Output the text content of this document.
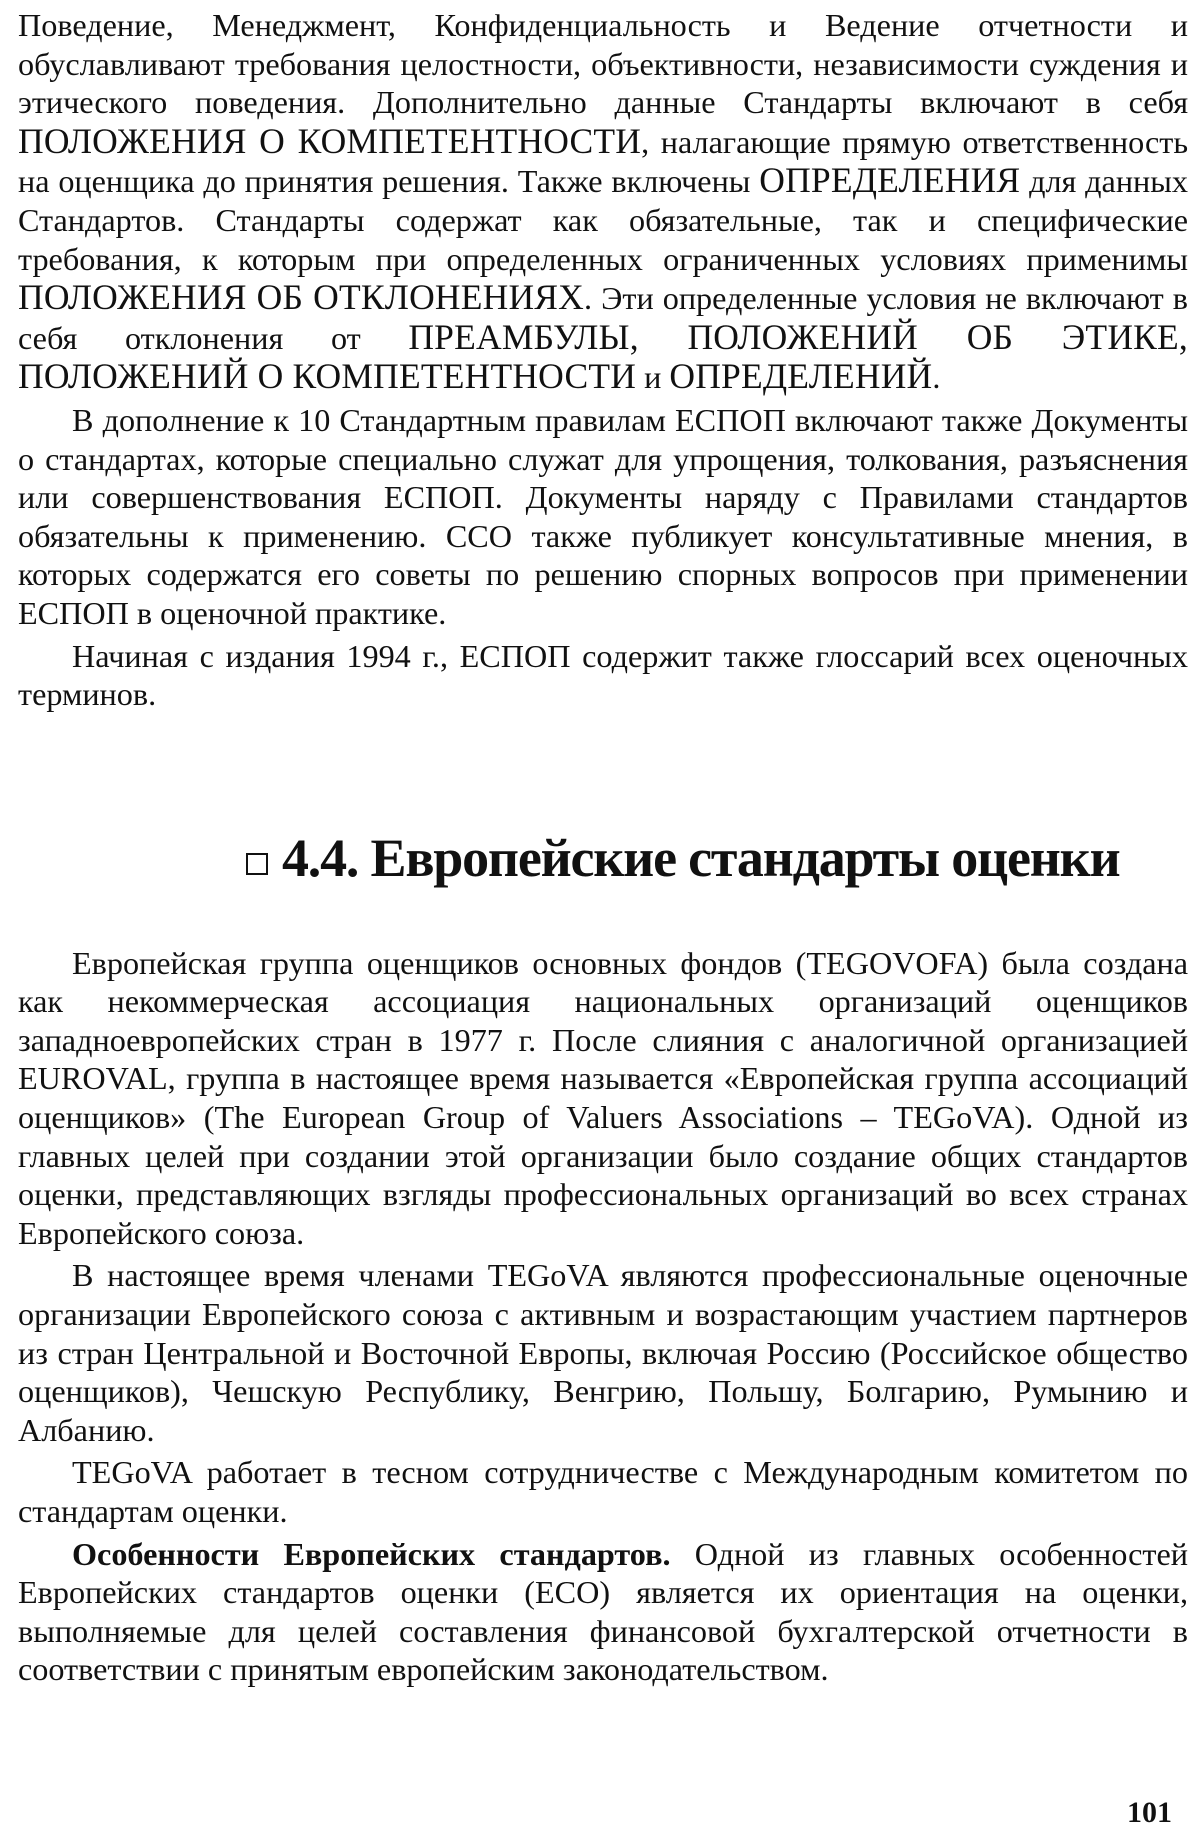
Поведение, Менеджмент, Конфиденциальность и Ведение отчетности и обуславливают требования целостности, объективности, независимости суждения и этического поведения. Дополнительно данные Стандарты включают в себя ПОЛОЖЕНИЯ О КОМПЕТЕНТНОСТИ, налагающие прямую ответственность на оценщика до принятия решения. Также включены ОПРЕДЕЛЕНИЯ для данных Стандартов. Стандарты содержат как обязательные, так и специфические требования, к которым при определенных ограниченных условиях применимы ПОЛОЖЕНИЯ ОБ ОТКЛОНЕНИЯХ. Эти определенные условия не включают в себя отклонения от ПРЕАМБУЛЫ, ПОЛОЖЕНИЙ ОБ ЭТИКЕ, ПОЛОЖЕНИЙ О КОМПЕТЕНТНОСТИ и ОПРЕДЕЛЕНИЙ.

В дополнение к 10 Стандартным правилам ЕСПОП включают также Документы о стандартах, которые специально служат для упрощения, толкования, разъяснения или совершенствования ЕСПОП. Документы наряду с Правилами стандартов обязательны к применению. ССО также публикует консультативные мнения, в которых содержатся его советы по решению спорных вопросов при применении ЕСПОП в оценочной практике.

Начиная с издания 1994 г., ЕСПОП содержит также глоссарий всех оценочных терминов.

4.4. Европейские стандарты оценки

Европейская группа оценщиков основных фондов (TEGOVOFA) была создана как некоммерческая ассоциация национальных организаций оценщиков западноевропейских стран в 1977 г. После слияния с аналогичной организацией EUROVAL, группа в настоящее время называется «Европейская группа ассоциаций оценщиков» (The European Group of Valuers Associations – TEGoVA). Одной из главных целей при создании этой организации было создание общих стандартов оценки, представляющих взгляды профессиональных организаций во всех странах Европейского союза.

В настоящее время членами TEGoVA являются профессиональные оценочные организации Европейского союза с активным и возрастающим участием партнеров из стран Центральной и Восточной Европы, включая Россию (Российское общество оценщиков), Чешскую Республику, Венгрию, Польшу, Болгарию, Румынию и Албанию.

TEGoVA работает в тесном сотрудничестве с Международным комитетом по стандартам оценки.

Особенности Европейских стандартов. Одной из главных особенностей Европейских стандартов оценки (ЕСО) является их ориентация на оценки, выполняемые для целей составления финансовой бухгалтерской отчетности в соответствии с принятым европейским законодательством.

101
